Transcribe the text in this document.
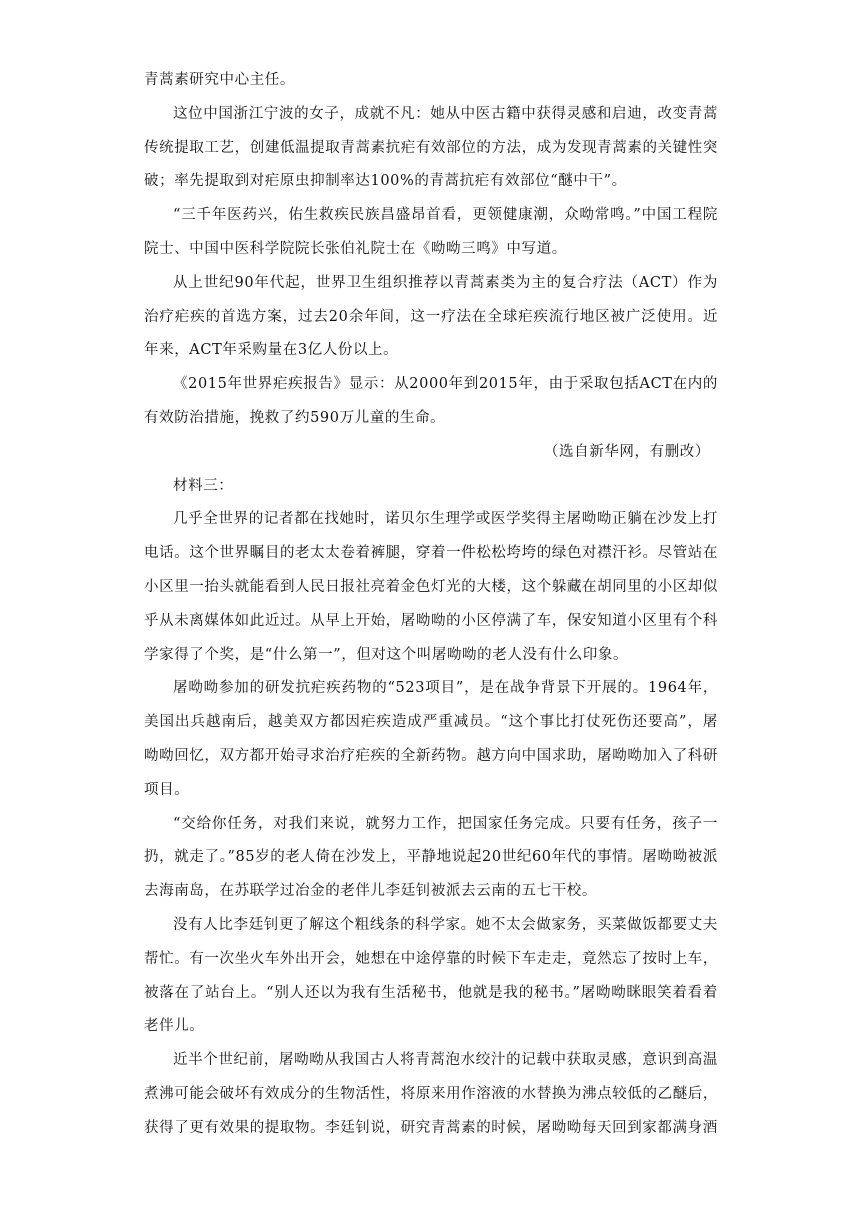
青蒿素研究中心主任。

这位中国浙江宁波的女子，成就不凡：她从中医古籍中获得灵感和启迪，改变青蒿传统提取工艺，创建低温提取青蒿素抗疟有效部位的方法，成为发现青蒿素的关键性突破；率先提取到对疟原虫抑制率达100%的青蒿抗疟有效部位“醚中干”。

“三千年医药兴，佑生救疾民族昌盛昂首看，更领健康潮，众呦常鸣。”中国工程院院士、中国中医科学院院长张伯礼院士在《呦呦三鸣》中写道。

从上世纪90年代起，世界卫生组织推荐以青蒿素类为主的复合疗法（ACT）作为治疗疟疾的首选方案，过去20余年间，这一疗法在全球疟疾流行地区被广泛使用。近年来，ACT年采购量在3亿人份以上。

《2015年世界疟疾报告》显示：从2000年到2015年，由于采取包括ACT在内的有效防治措施，挽救了约590万儿童的生命。

（选自新华网，有删改）

材料三：

几乎全世界的记者都在找她时，诺贝尔生理学或医学奖得主屠呦呦正躺在沙发上打电话。这个世界瞩目的老太太卷着裤腿，穿着一件松松垮垮的绿色对襟汗衫。尽管站在小区里一抬头就能看到人民日报社亮着金色灯光的大楼，这个躲藏在胡同里的小区却似乎从未离媒体如此近过。从早上开始，屠呦呦的小区停满了车，保安知道小区里有个科学家得了个奖，是“什么第一”，但对这个叫屠呦呦的老人没有什么印象。

屠呦呦参加的研发抗疟疾药物的“523项目”，是在战争背景下开展的。1964年，美国出兵越南后，越美双方都因疟疾造成严重减员。“这个事比打仗死伤还要高”，屠呦呦回忆，双方都开始寻求治疗疟疾的全新药物。越方向中国求助，屠呦呦加入了科研项目。

“交给你任务，对我们来说，就努力工作，把国家任务完成。只要有任务，孩子一扔，就走了。”85岁的老人倚在沙发上，平静地说起20世纪60年代的事情。屠呦呦被派去海南岛，在苏联学过冶金的老伴儿李廷钊被派去云南的五七干校。

没有人比李廷钊更了解这个粗线条的科学家。她不太会做家务，买菜做饭都要丈夫帮忙。有一次坐火车外出开会，她想在中途停靠的时候下车走走，竟然忘了按时上车，被落在了站台上。“别人还以为我有生活秘书，他就是我的秘书。”屠呦呦眯眼笑着看着老伴儿。

近半个世纪前，屠呦呦从我国古人将青蒿泡水绞汁的记载中获取灵感，意识到高温煮沸可能会破坏有效成分的生物活性，将原来用作溶液的水替换为沸点较低的乙醚后，获得了更有效果的提取物。李廷钊说，研究青蒿素的时候，屠呦呦每天回到家都满身酒
